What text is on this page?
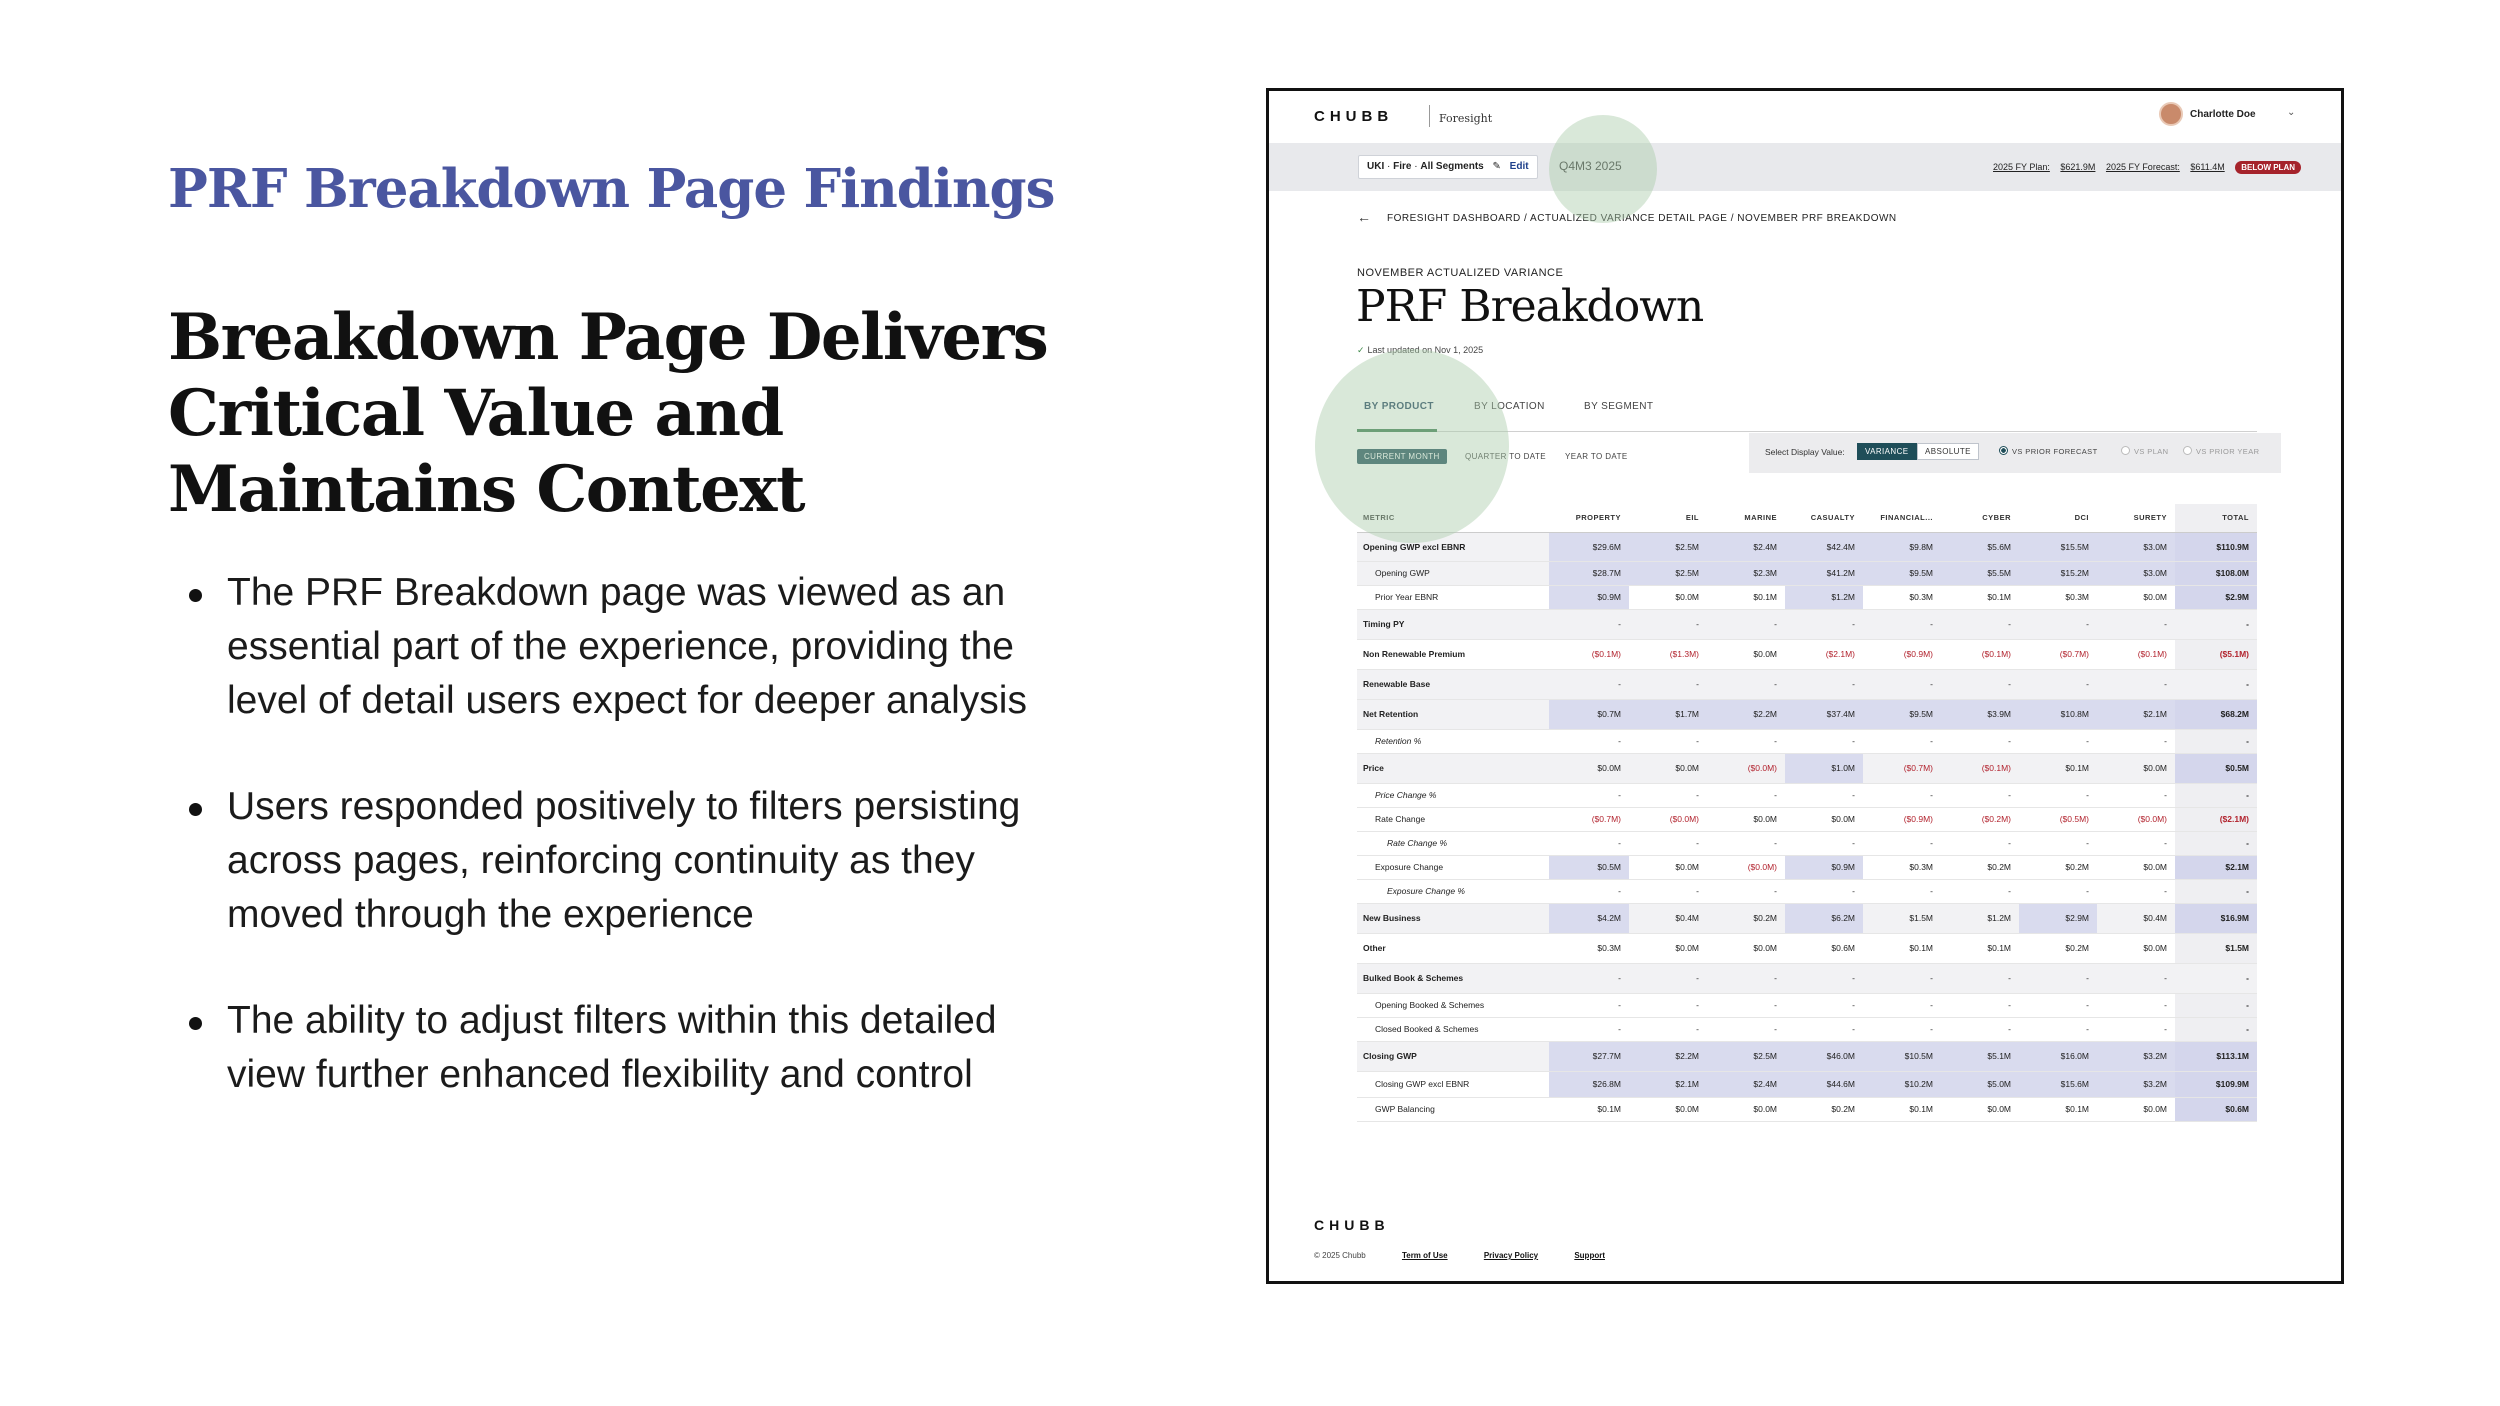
PRF Breakdown Page Findings
Breakdown Page Delivers Critical Value and Maintains Context
The PRF Breakdown page was viewed as an essential part of the experience, providing the level of detail users expect for deeper analysis
Users responded positively to filters persisting across pages, reinforcing continuity as they moved through the experience
The ability to adjust filters within this detailed view further enhanced flexibility and control
CHUBB	Foresight	Charlotte Doe	⌄
UKI · Fire · All Segments ✎ Edit	Q4M3 2025	2025 FY Plan: $621.9M 2025 FY Forecast: $611.4M BELOW PLAN
← FORESIGHT DASHBOARD / ACTUALIZED VARIANCE DETAIL PAGE / NOVEMBER PRF BREAKDOWN
NOVEMBER ACTUALIZED VARIANCE
PRF Breakdown
✓ Last updated on Nov 1, 2025
BY PRODUCT	BY LOCATION	BY SEGMENT
CURRENT MONTH	QUARTER TO DATE YEAR TO DATE	Select Display Value:	VARIANCE	ABSOLUTE	VS PRIOR FORECAST	VS PLAN	VS PRIOR YEAR
METRIC	PROPERTY	EIL	MARINE	CASUALTY	FINANCIAL...	CYBER	DCI	SURETY	TOTAL
Opening GWP excl EBNR	$29.6M	$2.5M	$2.4M	$42.4M	$9.8M	$5.6M	$15.5M	$3.0M	$110.9M
Opening GWP	$28.7M	$2.5M	$2.3M	$41.2M	$9.5M	$5.5M	$15.2M	$3.0M	$108.0M
Prior Year EBNR	$0.9M	$0.0M	$0.1M	$1.2M	$0.3M	$0.1M	$0.3M	$0.0M	$2.9M
Timing PY	-	-	-	-	-	-	-	-	-
Non Renewable Premium	($0.1M)	($1.3M)	$0.0M	($2.1M)	($0.9M)	($0.1M)	($0.7M)	($0.1M)	($5.1M)
Renewable Base	-	-	-	-	-	-	-	-	-
Net Retention	$0.7M	$1.7M	$2.2M	$37.4M	$9.5M	$3.9M	$10.8M	$2.1M	$68.2M
Retention %	-	-	-	-	-	-	-	-	-
Price	$0.0M	$0.0M	($0.0M)	$1.0M	($0.7M)	($0.1M)	$0.1M	$0.0M	$0.5M
Price Change %	-	-	-	-	-	-	-	-	-
Rate Change	($0.7M)	($0.0M)	$0.0M	$0.0M	($0.9M)	($0.2M)	($0.5M)	($0.0M)	($2.1M)
Rate Change %	-	-	-	-	-	-	-	-	-
Exposure Change	$0.5M	$0.0M	($0.0M)	$0.9M	$0.3M	$0.2M	$0.2M	$0.0M	$2.1M
Exposure Change %	-	-	-	-	-	-	-	-	-
New Business	$4.2M	$0.4M	$0.2M	$6.2M	$1.5M	$1.2M	$2.9M	$0.4M	$16.9M
Other	$0.3M	$0.0M	$0.0M	$0.6M	$0.1M	$0.1M	$0.2M	$0.0M	$1.5M
Bulked Book & Schemes	-	-	-	-	-	-	-	-	-
Opening Booked & Schemes	-	-	-	-	-	-	-	-	-
Closed Booked & Schemes	-	-	-	-	-	-	-	-	-
Closing GWP	$27.7M	$2.2M	$2.5M	$46.0M	$10.5M	$5.1M	$16.0M	$3.2M	$113.1M
Closing GWP excl EBNR	$26.8M	$2.1M	$2.4M	$44.6M	$10.2M	$5.0M	$15.6M	$3.2M	$109.9M
GWP Balancing	$0.1M	$0.0M	$0.0M	$0.2M	$0.1M	$0.0M	$0.1M	$0.0M	$0.6M
CHUBB
© 2025 Chubb	Term of Use	Privacy Policy	Support
